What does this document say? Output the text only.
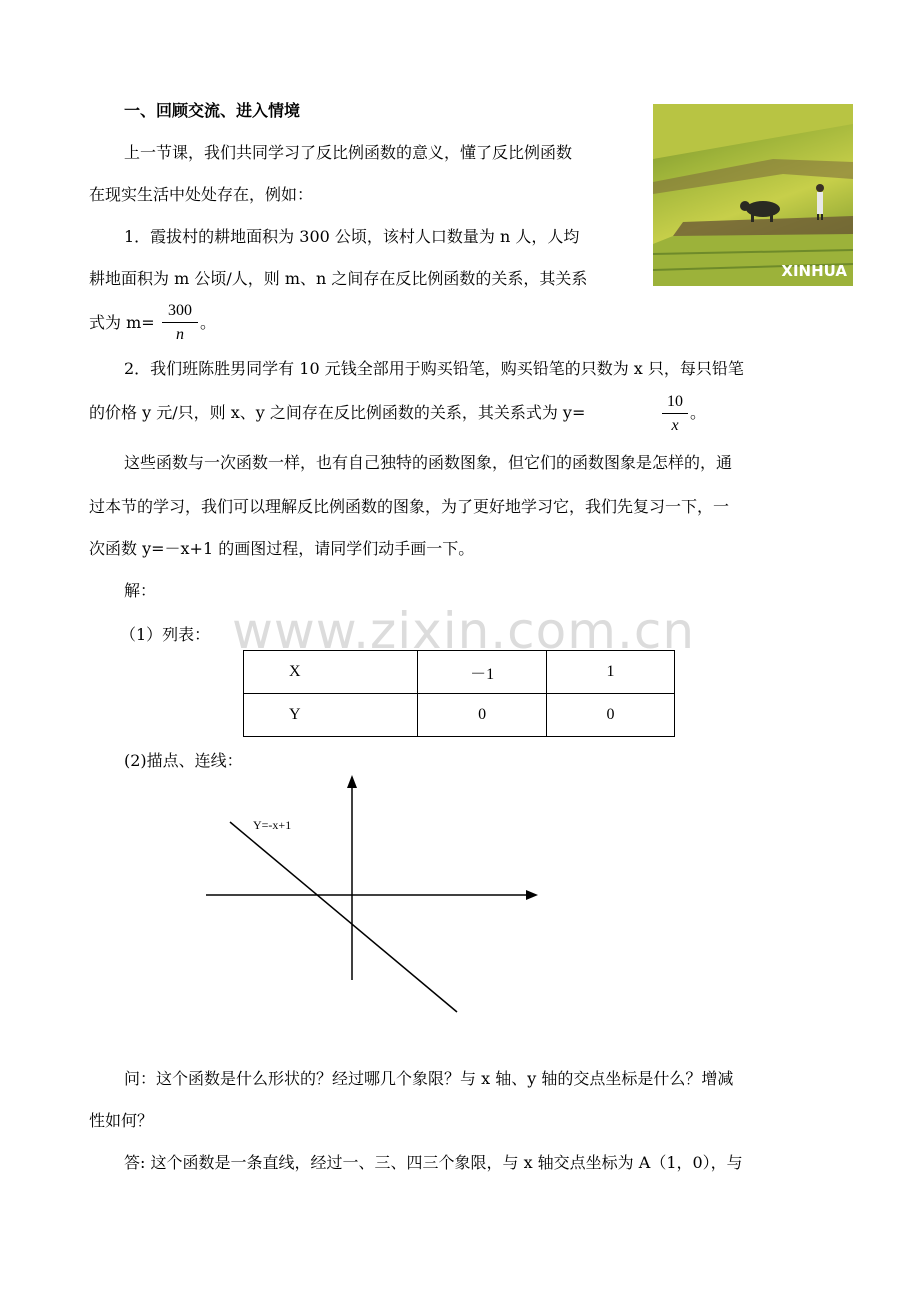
一、回顾交流、进入情境
上一节课，我们共同学习了反比例函数的意义，懂了反比例函数
在现实生活中处处存在，例如：
XINHUA
1．霞拔村的耕地面积为 300 公顷，该村人口数量为 n 人，人均
耕地面积为 m 公顷/人，则 m、n 之间存在反比例函数的关系，其关系
式为 m=
300
n
。
2．我们班陈胜男同学有 10 元钱全部用于购买铅笔，购买铅笔的只数为 x 只，每只铅笔
的价格 y 元/只，则 x、y 之间存在反比例函数的关系，其关系式为 y=
10
x
。
这些函数与一次函数一样，也有自己独特的函数图象，但它们的函数图象是怎样的，通
过本节的学习，我们可以理解反比例函数的图象，为了更好地学习它，我们先复习一下，一
次函数 y=－x+1 的画图过程，请同学们动手画一下。
解：
www.zixin.com.cn
（1）列表：
X	－1	1
Y	0	0
(2)描点、连线：
Y=-x+1
问：这个函数是什么形状的？经过哪几个象限？与 x 轴、y 轴的交点坐标是什么？增减
性如何？
答: 这个函数是一条直线，经过一、三、四三个象限，与 x 轴交点坐标为 A（1，0），与
